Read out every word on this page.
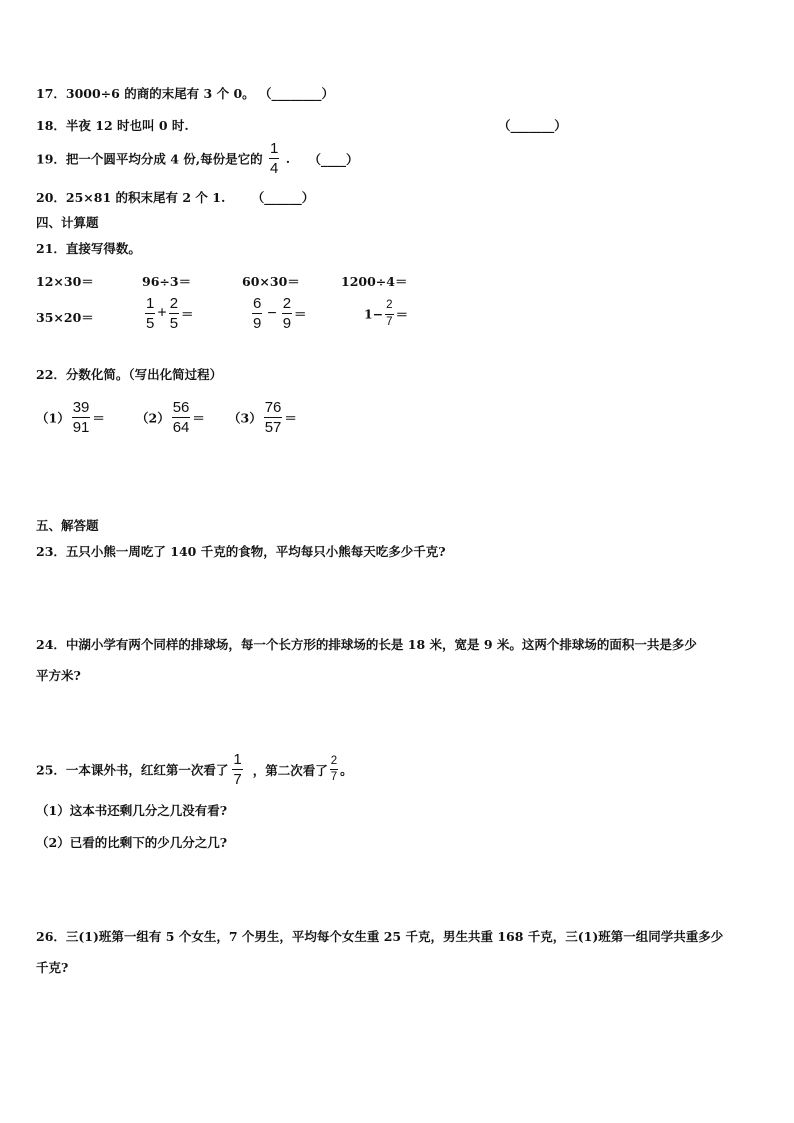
17．3000÷6 的商的末尾有 3 个 0。 （________）
18．半夜 12 时也叫 0 时.	（_______）
19．把一个圆平均分成 4 份,每份是它的 $\frac{1}{4}$ . （____）
20．25×81 的积末尾有 2 个 1. （______）
四、计算题
21．直接写得数。
12×30＝	96÷3＝	60×30＝	1200÷4＝
35×20＝	$\frac{1}{5} + \frac{2}{5}$ ＝	$\frac{6}{9} - \frac{2}{9}$ ＝	$1- \frac{2}{7}$ ＝
22．分数化简。（写出化简过程）
$(1) \frac{39}{91} = (2) \frac{56}{64} = (3) \frac{76}{57}$ ＝
五、解答题
23．五只小熊一周吃了 140 千克的食物，平均每只小熊每天吃多少千克?
24．中湖小学有两个同样的排球场，每一个长方形的排球场的长是 18 米，宽是 9 米。这两个排球场的面积一共是多少
平方米?
25．一本课外书，红红第一次看了 $\frac{1}{7}$ ，第二次看了 $\frac{2}{7}$ 。
（1）这本书还剩几分之几没有看?
（2）已看的比剩下的少几分之几?
26．三(1)班第一组有 5 个女生，7 个男生，平均每个女生重 25 千克，男生共重 168 千克，三(1)班第一组同学共重多少
千克?
